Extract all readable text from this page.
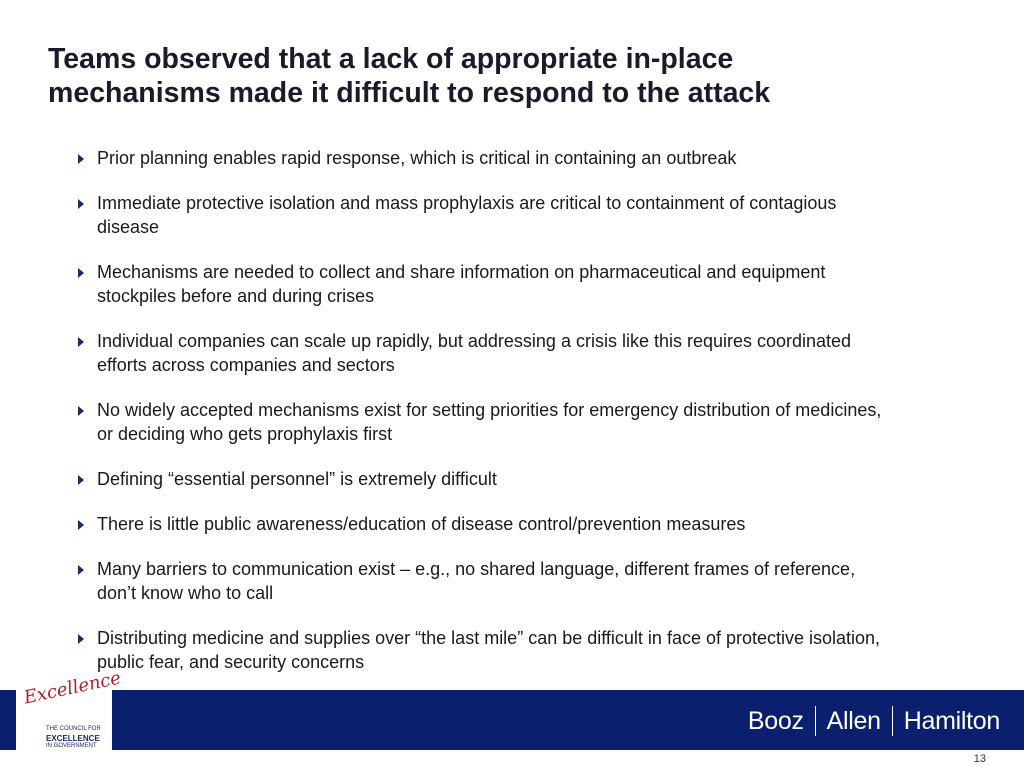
Teams observed that a lack of appropriate in-place
mechanisms made it difficult to respond to the attack
Prior planning enables rapid response, which is critical in containing an outbreak
Immediate protective isolation and mass prophylaxis are critical to containment of contagious
disease
Mechanisms are needed to collect and share information on pharmaceutical and equipment
stockpiles before and during crises
Individual companies can scale up rapidly, but addressing a crisis like this requires coordinated
efforts across companies and sectors
No widely accepted mechanisms exist for setting priorities for emergency distribution of medicines,
or deciding who gets prophylaxis first
Defining “essential personnel” is extremely difficult
There is little public awareness/education of disease control/prevention measures
Many barriers to communication exist – e.g., no shared language, different frames of reference,
don’t know who to call
Distributing medicine and supplies over “the last mile” can be difficult in face of protective isolation,
public fear, and security concerns
Excellence
THE COUNCIL FOR
EXCELLENCE
IN GOVERNMENT
Booz Allen Hamilton
13
